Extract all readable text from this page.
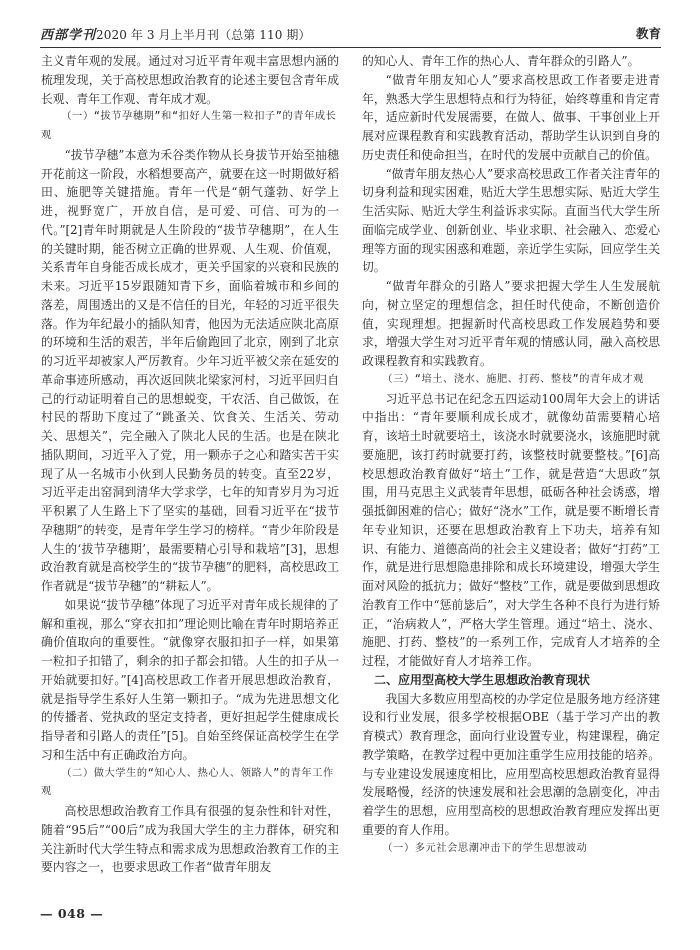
西部学刊2020 年 3 月上半月刊（总第 110 期）	教育
主义青年观的发展。通过对习近平青年观丰富思想内涵的梳理发现，关于高校思想政治教育的论述主要包含青年成长观、青年工作观、青年成才观。
（一）“拔节孕穗期”和“扣好人生第一粒扣子”的青年成长观
“拔节孕穗”本意为禾谷类作物从长身拔节开始至抽穗开花前这一阶段，水稻想要高产，就要在这一时期做好稻田、施肥等关键措施。青年一代是“朝气蓬勃、好学上进，视野宽广，开放自信，是可爱、可信、可为的一代。”[2]青年时期就是人生阶段的“拔节孕穗期”，在人生的关键时期，能否树立正确的世界观、人生观、价值观，关系青年自身能否成长成才，更关乎国家的兴衰和民族的未来。习近平15岁跟随知青下乡，面临着城市和乡间的落差，周围透出的又是不信任的目光，年轻的习近平很失落。作为年纪最小的插队知青，他因为无法适应陕北高原的环境和生活的艰苦，半年后偷跑回了北京，刚到了北京的习近平却被家人严厉教育。少年习近平被父亲在延安的革命事迹所感动，再次返回陕北梁家河村，习近平回归自己的行动证明着自己的思想蜕变，干农活、自己做饭，在村民的帮助下度过了“跳蚤关、饮食关、生活关、劳动关、思想关”，完全融入了陕北人民的生活。也是在陕北插队期间，习近平入了党，用一颗赤子之心和踏实苦干实现了从一名城市小伙到人民勤务员的转变。直至22岁，习近平走出窑洞到清华大学求学，七年的知青岁月为习近平积累了人生路上下了坚实的基础，回看习近平在“拔节孕穗期”的转变，是青年学生学习的榜样。“青少年阶段是人生的‘拔节孕穗期’，最需要精心引导和栽培”[3]，思想政治教育就是高校学生的“拔节孕穗”的肥料，高校思政工作者就是“拔节孕穗”的“耕耘人”。
如果说“拔节孕穗”体现了习近平对青年成长规律的了解和重视，那么“穿衣扣扣”理论则比喻在青年时期培养正确价值取向的重要性。“就像穿衣服扣扣子一样，如果第一粒扣子扣错了，剩余的扣子都会扣错。人生的扣子从一开始就要扣好。”[4]高校思政工作者开展思想政治教育，就是指导学生系好人生第一颗扣子。“成为先进思想文化的传播者、党执政的坚定支持者，更好担起学生健康成长指导者和引路人的责任”[5]。自始至终保证高校学生在学习和生活中有正确政治方向。
（二）做大学生的“知心人、热心人、领路人”的青年工作观
高校思想政治教育工作具有很强的复杂性和针对性，随着“95后”“00后”成为我国大学生的主力群体，研究和关注新时代大学生特点和需求成为思想政治教育工作的主要内容之一，也要求思政工作者“做青年朋友
的知心人、青年工作的热心人、青年群众的引路人”。
“做青年朋友知心人”要求高校思政工作者要走进青年，熟悉大学生思想特点和行为特征，始终尊重和肯定青年，适应新时代发展需要，在做人、做事、干事创业上开展对应课程教育和实践教育活动，帮助学生认识到自身的历史责任和使命担当，在时代的发展中贡献自己的价值。
“做青年朋友热心人”要求高校思政工作者关注青年的切身利益和现实困难，贴近大学生思想实际、贴近大学生生活实际、贴近大学生利益诉求实际。直面当代大学生所面临完成学业、创新创业、毕业求职、社会融入、恋爱心理等方面的现实困惑和难题，亲近学生实际，回应学生关切。
“做青年群众的引路人”要求把握大学生人生发展航向，树立坚定的理想信念，担任时代使命，不断创造价值，实现理想。把握新时代高校思政工作发展趋势和要求，增强大学生对习近平青年观的情感认同，融入高校思政课程教育和实践教育。
（三）“培土、浇水、施肥、打药、整枝”的青年成才观
习近平总书记在纪念五四运动100周年大会上的讲话中指出：“青年要顺利成长成才，就像幼苗需要精心培育，该培土时就要培土，该浇水时就要浇水，该施肥时就要施肥，该打药时就要打药，该整枝时就要整枝。”[6]高校思想政治教育做好“培土”工作，就是营造“大思政”氛围，用马克思主义武装青年思想，砥砺各种社会诱惑，增强抵御困难的信心；做好“浇水”工作，就是要不断增长青年专业知识，还要在思想政治教育上下功夫，培养有知识、有能力、道德高尚的社会主义建设者；做好“打药”工作，就是进行思想隐患排除和成长环境建设，增强大学生面对风险的抵抗力；做好“整枝”工作，就是要做到思想政治教育工作中“惩前毖后”，对大学生各种不良行为进行矫正，“治病救人”，严格大学生管理。通过“培土、浇水、施肥、打药、整枝”的一系列工作，完成育人才培养的全过程，才能做好育人才培养工作。
二、应用型高校大学生思想政治教育现状
我国大多数应用型高校的办学定位是服务地方经济建设和行业发展，很多学校根据OBE（基于学习产出的教育模式）教育理念，面向行业设置专业，构建课程，确定教学策略，在教学过程中更加注重学生应用技能的培养。与专业建设发展速度相比，应用型高校思想政治教育显得发展略慢，经济的快速发展和社会思潮的急剧变化，冲击着学生的思想，应用型高校的思想政治教育理应发挥出更重要的育人作用。
（一）多元社会思潮冲击下的学生思想波动
— 048 —
